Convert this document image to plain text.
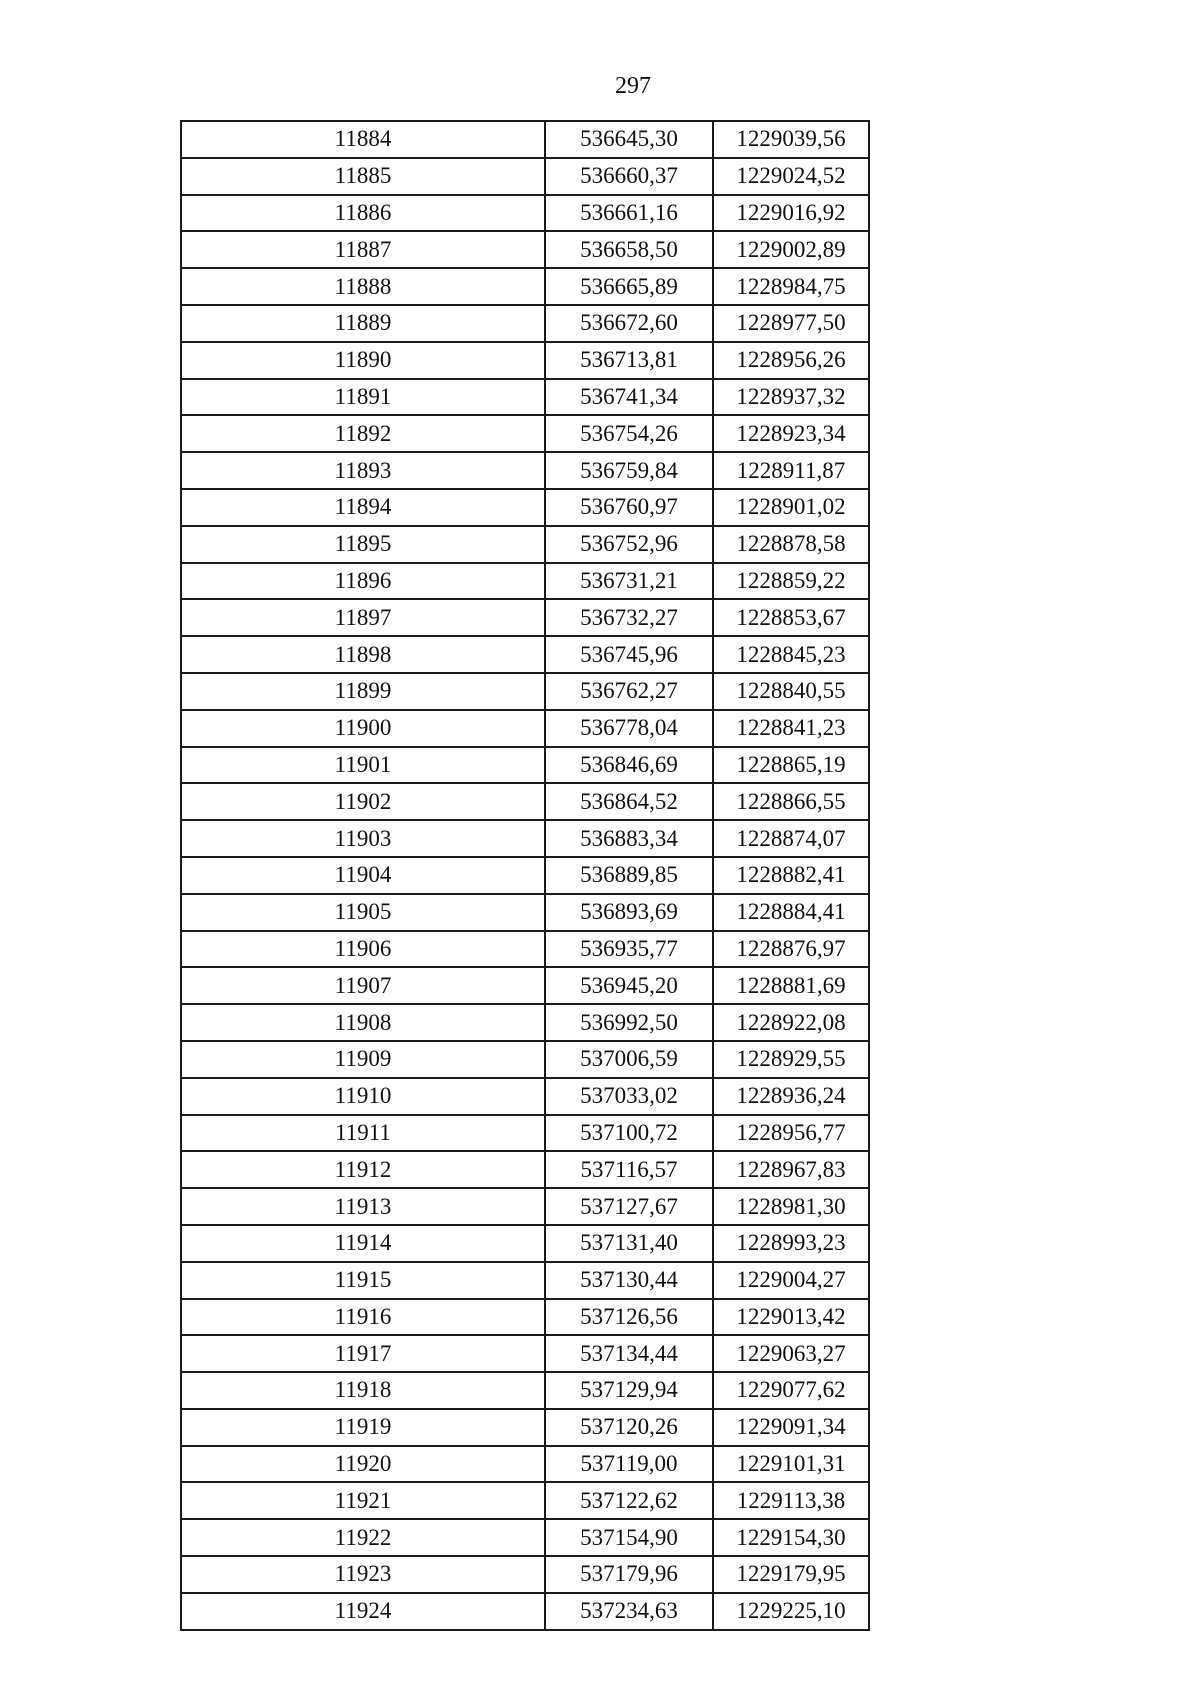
297
11884	536645,30	1229039,56
11885	536660,37	1229024,52
11886	536661,16	1229016,92
11887	536658,50	1229002,89
11888	536665,89	1228984,75
11889	536672,60	1228977,50
11890	536713,81	1228956,26
11891	536741,34	1228937,32
11892	536754,26	1228923,34
11893	536759,84	1228911,87
11894	536760,97	1228901,02
11895	536752,96	1228878,58
11896	536731,21	1228859,22
11897	536732,27	1228853,67
11898	536745,96	1228845,23
11899	536762,27	1228840,55
11900	536778,04	1228841,23
11901	536846,69	1228865,19
11902	536864,52	1228866,55
11903	536883,34	1228874,07
11904	536889,85	1228882,41
11905	536893,69	1228884,41
11906	536935,77	1228876,97
11907	536945,20	1228881,69
11908	536992,50	1228922,08
11909	537006,59	1228929,55
11910	537033,02	1228936,24
11911	537100,72	1228956,77
11912	537116,57	1228967,83
11913	537127,67	1228981,30
11914	537131,40	1228993,23
11915	537130,44	1229004,27
11916	537126,56	1229013,42
11917	537134,44	1229063,27
11918	537129,94	1229077,62
11919	537120,26	1229091,34
11920	537119,00	1229101,31
11921	537122,62	1229113,38
11922	537154,90	1229154,30
11923	537179,96	1229179,95
11924	537234,63	1229225,10
